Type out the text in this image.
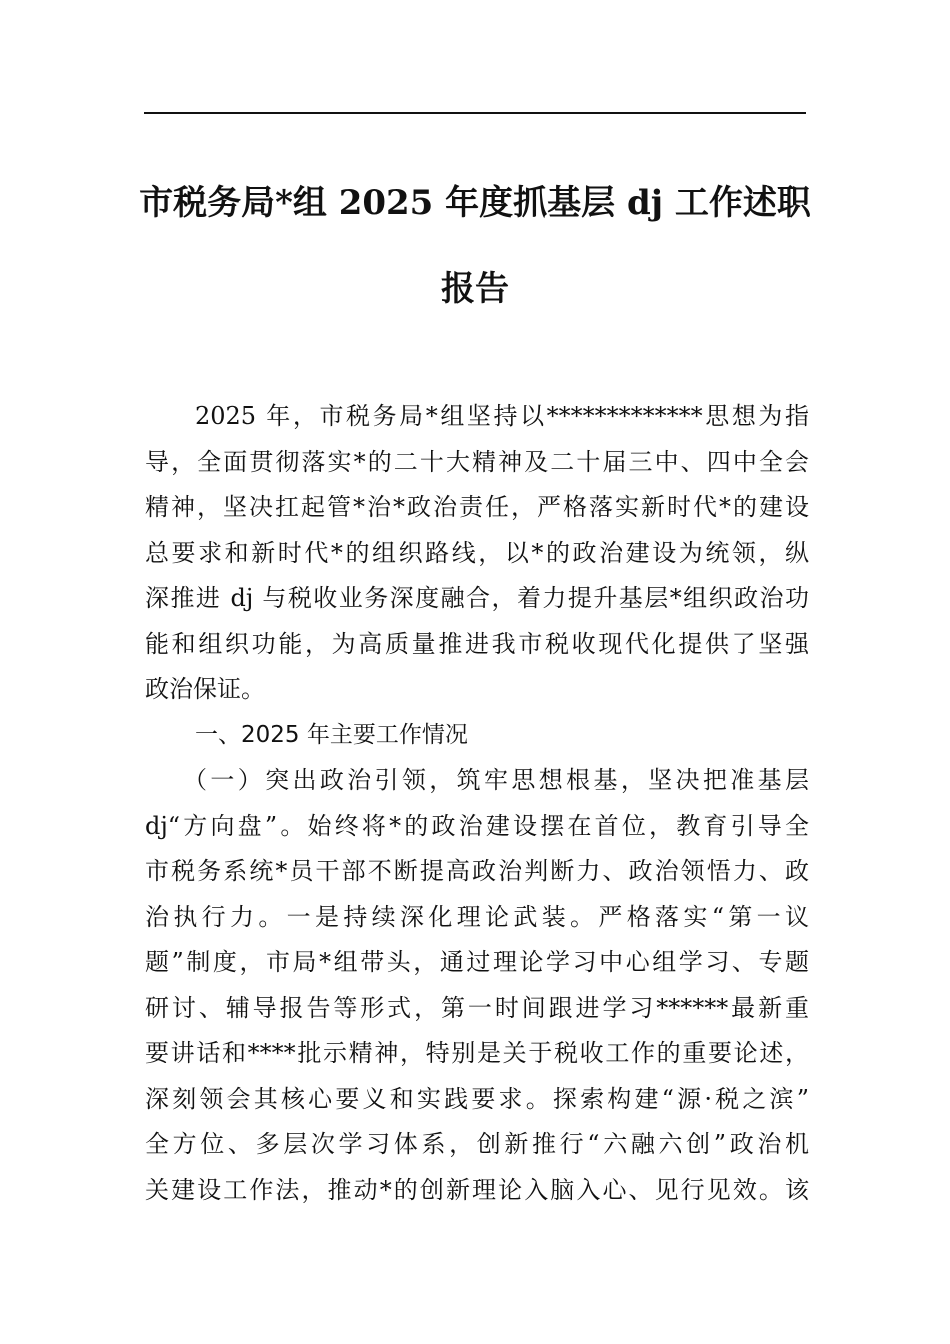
市税务局*组 2025 年度抓基层 dj 工作述职
报告
2025 年，市税务局*组坚持以*************思想为指
导，全面贯彻落实*的二十大精神及二十届三中、四中全会
精神，坚决扛起管*治*政治责任，严格落实新时代*的建设
总要求和新时代*的组织路线，以*的政治建设为统领，纵
深推进 dj 与税收业务深度融合，着力提升基层*组织政治功
能和组织功能，为高质量推进我市税收现代化提供了坚强
政治保证。
一、2025 年主要工作情况
（一）突出政治引领，筑牢思想根基，坚决把准基层
dj“方向盘”。始终将*的政治建设摆在首位，教育引导全
市税务系统*员干部不断提高政治判断力、政治领悟力、政
治执行力。一是持续深化理论武装。严格落实“第一议
题”制度，市局*组带头，通过理论学习中心组学习、专题
研讨、辅导报告等形式，第一时间跟进学习******最新重
要讲话和****批示精神，特别是关于税收工作的重要论述，
深刻领会其核心要义和实践要求。探索构建“源·税之滨”
全方位、多层次学习体系，创新推行“六融六创”政治机
关建设工作法，推动*的创新理论入脑入心、见行见效。该
